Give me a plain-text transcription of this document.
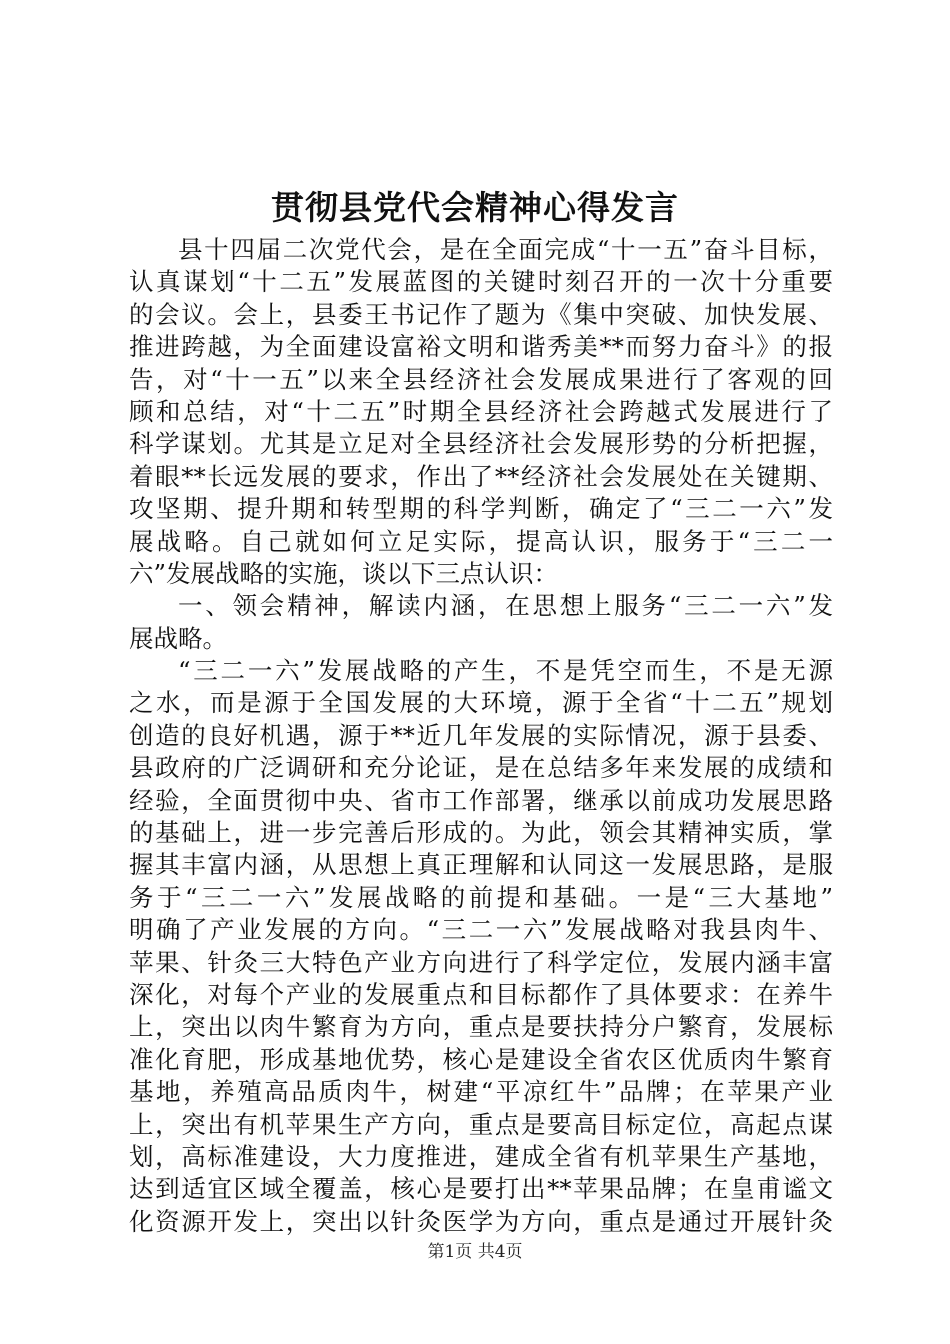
贯彻县党代会精神心得发言
县十四届二次党代会，是在全面完成“十一五”奋斗目标，
认真谋划“十二五”发展蓝图的关键时刻召开的一次十分重要
的会议。会上，县委王书记作了题为《集中突破、加快发展、
推进跨越，为全面建设富裕文明和谐秀美**而努力奋斗》的报
告，对“十一五”以来全县经济社会发展成果进行了客观的回
顾和总结，对“十二五”时期全县经济社会跨越式发展进行了
科学谋划。尤其是立足对全县经济社会发展形势的分析把握，
着眼**长远发展的要求，作出了**经济社会发展处在关键期、
攻坚期、提升期和转型期的科学判断，确定了“三二一六”发
展战略。自己就如何立足实际，提高认识，服务于“三二一
六”发展战略的实施，谈以下三点认识：
一、领会精神，解读内涵，在思想上服务“三二一六”发
展战略。
“三二一六”发展战略的产生，不是凭空而生，不是无源
之水，而是源于全国发展的大环境，源于全省“十二五”规划
创造的良好机遇，源于**近几年发展的实际情况，源于县委、
县政府的广泛调研和充分论证，是在总结多年来发展的成绩和
经验，全面贯彻中央、省市工作部署，继承以前成功发展思路
的基础上，进一步完善后形成的。为此，领会其精神实质，掌
握其丰富内涵，从思想上真正理解和认同这一发展思路，是服
务于“三二一六”发展战略的前提和基础。一是“三大基地”
明确了产业发展的方向。“三二一六”发展战略对我县肉牛、
苹果、针灸三大特色产业方向进行了科学定位，发展内涵丰富
深化，对每个产业的发展重点和目标都作了具体要求：在养牛
上，突出以肉牛繁育为方向，重点是要扶持分户繁育，发展标
准化育肥，形成基地优势，核心是建设全省农区优质肉牛繁育
基地，养殖高品质肉牛，树建“平凉红牛”品牌；在苹果产业
上，突出有机苹果生产方向，重点是要高目标定位，高起点谋
划，高标准建设，大力度推进，建成全省有机苹果生产基地，
达到适宜区域全覆盖，核心是要打出**苹果品牌；在皇甫谧文
化资源开发上，突出以针灸医学为方向，重点是通过开展针灸
第1页 共4页
